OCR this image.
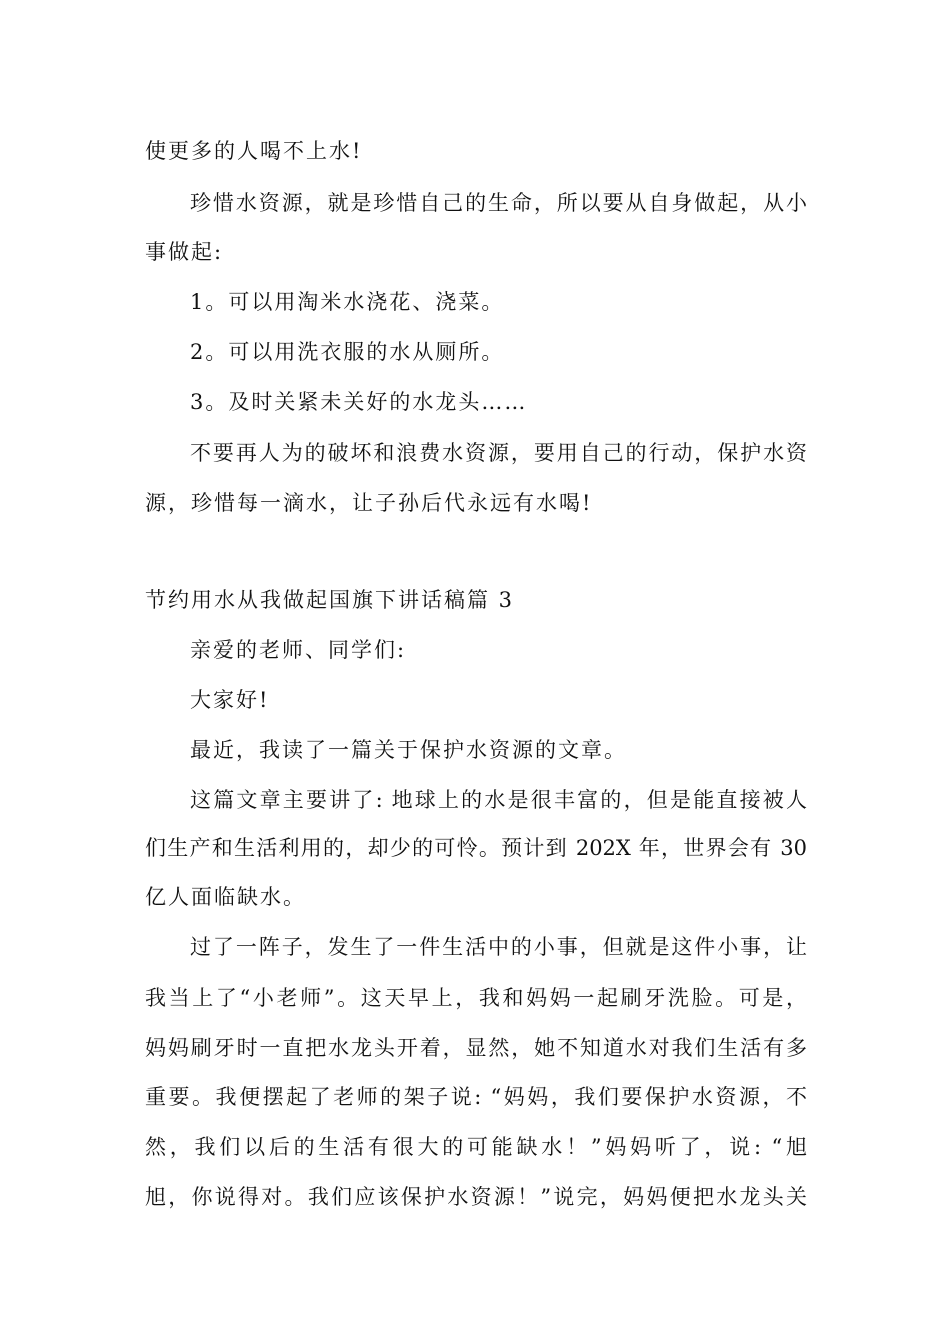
使更多的人喝不上水!
珍惜水资源，就是珍惜自己的生命，所以要从自身做起，从小
事做起:
1。可以用淘米水浇花、浇菜。
2。可以用洗衣服的水从厕所。
3。及时关紧未关好的水龙头……
不要再人为的破坏和浪费水资源，要用自己的行动，保护水资
源，珍惜每一滴水，让子孙后代永远有水喝!
节约用水从我做起国旗下讲话稿篇 3
亲爱的老师、同学们:
大家好!
最近，我读了一篇关于保护水资源的文章。
这篇文章主要讲了: 地球上的水是很丰富的，但是能直接被人
们生产和生活利用的，却少的可怜。预计到 202X 年，世界会有 30
亿人面临缺水。
过了一阵子，发生了一件生活中的小事，但就是这件小事，让
我当上了“小老师”。这天早上，我和妈妈一起刷牙洗脸。可是，
妈妈刷牙时一直把水龙头开着，显然，她不知道水对我们生活有多
重要。我便摆起了老师的架子说: “妈妈，我们要保护水资源，不
然，我们以后的生活有很大的可能缺水！”妈妈听了，说: “旭
旭，你说得对。我们应该保护水资源！”说完，妈妈便把水龙头关
